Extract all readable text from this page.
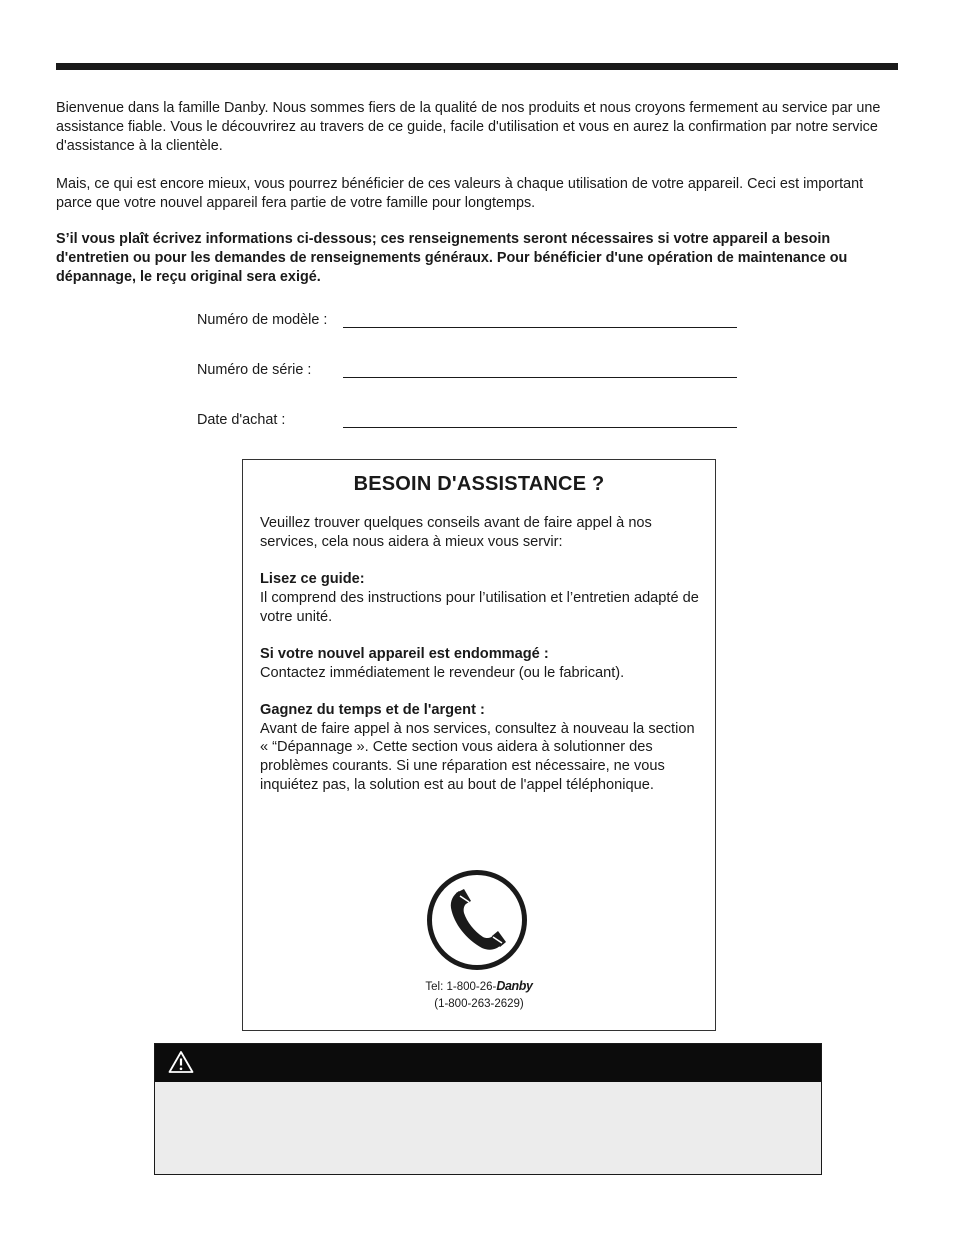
Bienvenue dans la famille Danby. Nous sommes fiers de la qualité de nos produits et nous croyons fermement au service par une assistance fiable. Vous le découvrirez au travers de ce guide, facile d'utilisation et vous en aurez la confirmation par notre service d'assistance à la clientèle.

Mais, ce qui est encore mieux, vous pourrez bénéficier de ces valeurs à chaque utilisation de votre appareil. Ceci est important parce que votre nouvel appareil fera partie de votre famille pour longtemps.

S’il vous plaît écrivez informations ci-dessous; ces renseignements seront nécessaires si votre appareil a besoin d'entretien ou pour les demandes de renseignements généraux. Pour bénéficier d'une opération de maintenance ou dépannage, le reçu original sera exigé.

Numéro de modèle :
Numéro de série :
Date d'achat :
BESOIN D'ASSISTANCE ?

Veuillez trouver quelques conseils avant de faire appel à nos services, cela nous aidera à mieux vous servir:

Lisez ce guide:
Il comprend des instructions pour l’utilisation et l’entretien adapté de votre unité.

Si votre nouvel appareil est endommagé :
Contactez immédiatement le revendeur (ou le fabricant).

Gagnez du temps et de l'argent :
Avant de faire appel à nos services, consultez à nouveau la section « “Dépannage ». Cette section vous aidera à solutionner des problèmes courants. Si une réparation est nécessaire, ne vous inquiétez pas, la solution est au bout de l'appel téléphonique.

Tel: 1-800-26-Danby
(1-800-263-2629)
